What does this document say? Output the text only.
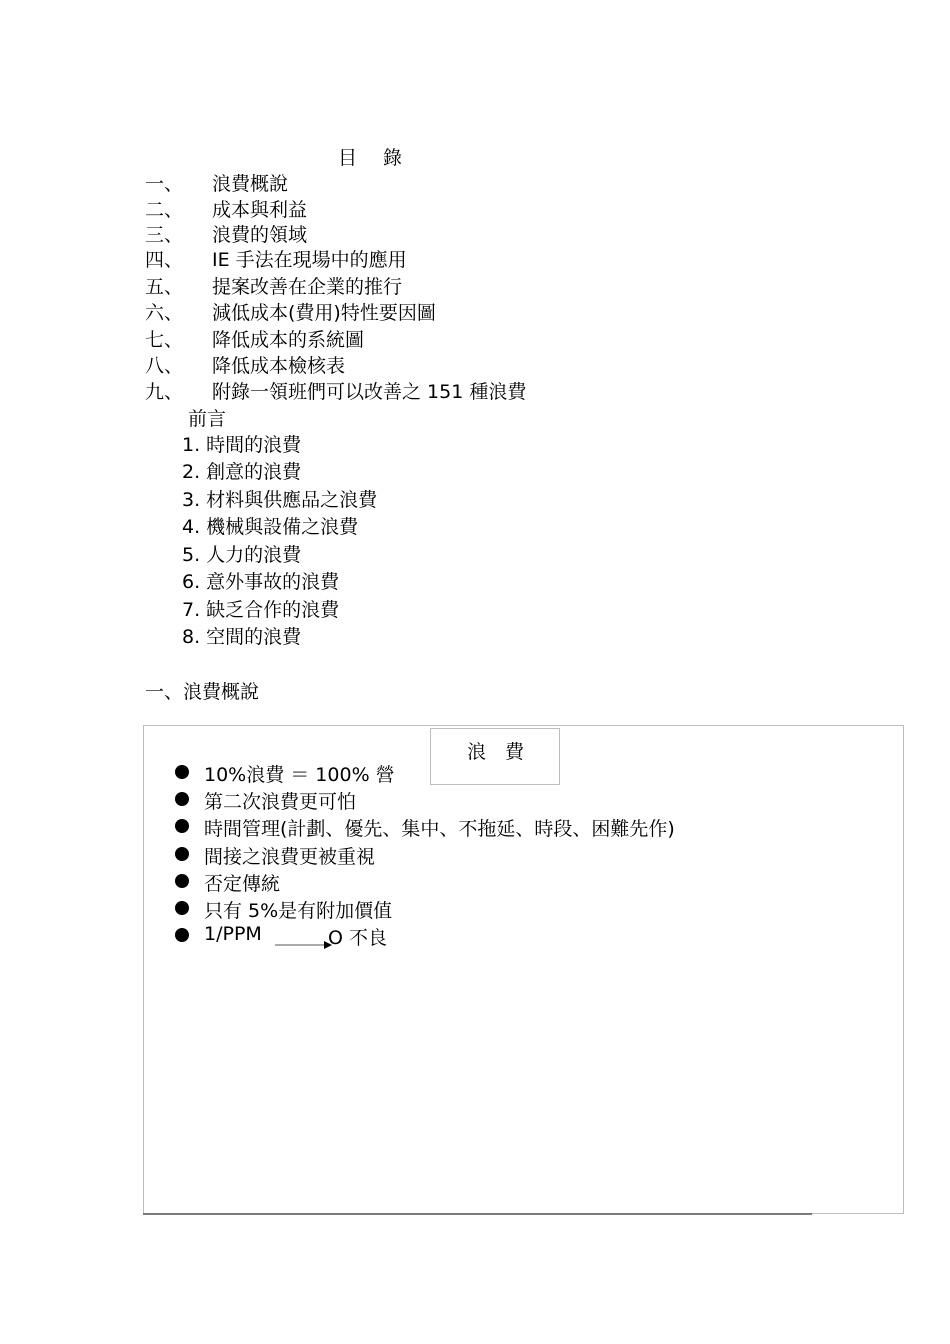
目 錄
一、	浪費概說
二、	成本與利益
三、	浪費的領域
四、	IE 手法在現場中的應用
五、	提案改善在企業的推行
六、	減低成本(費用)特性要因圖
七、	降低成本的系統圖
八、	降低成本檢核表
九、	附錄一領班們可以改善之 151 種浪費
前言
1. 時間的浪費
2. 創意的浪費
3. 材料與供應品之浪費
4. 機械與設備之浪費
5. 人力的浪費
6. 意外事故的浪費
7. 缺乏合作的浪費
8. 空間的浪費
一、浪費概說
10%浪費 ＝ 100% 營
浪　費
第二次浪費更可怕
時間管理(計劃、優先、集中、不拖延、時段、困難先作)
間接之浪費更被重視
否定傳統
只有 5%是有附加價值
1/PPM	O 不良
